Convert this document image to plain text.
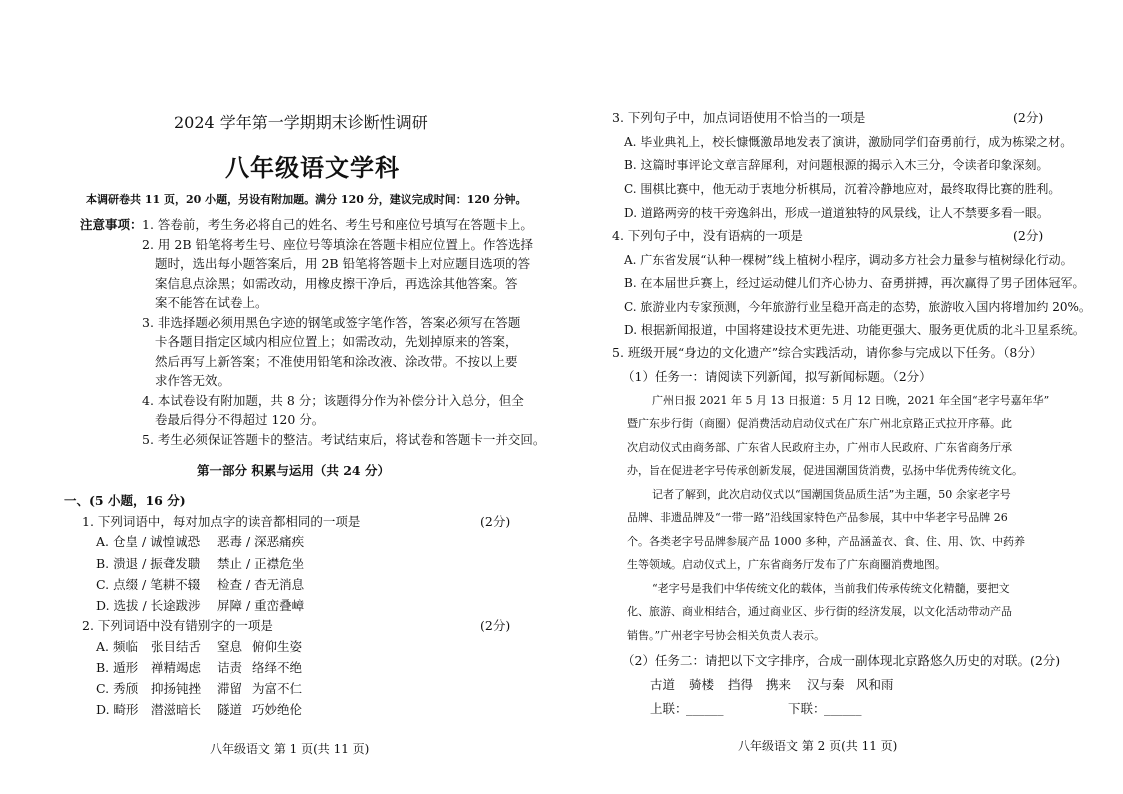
2024 学年第一学期期末诊断性调研
八年级语文学科
本调研卷共 11 页，20 小题，另设有附加题。满分 120 分，建议完成时间：120 分钟。
注意事项： 1. 答卷前，考生务必将自己的姓名、考生号和座位号填写在答题卡上。
2. 用 2B 铅笔将考生号、座位号等填涂在答题卡相应位置上。作答选择
题时，选出每小题答案后，用 2B 铅笔将答题卡上对应题目选项的答
案信息点涂黑；如需改动，用橡皮擦干净后，再选涂其他答案。答
案不能答在试卷上。
3. 非选择题必须用黑色字迹的钢笔或签字笔作答，答案必须写在答题
卡各题目指定区域内相应位置上；如需改动，先划掉原来的答案，
然后再写上新答案；不准使用铅笔和涂改液、涂改带。不按以上要
求作答无效。
4. 本试卷设有附加题，共 8 分；该题得分作为补偿分计入总分，但全
卷最后得分不得超过 120 分。
5. 考生必须保证答题卡的整洁。考试结束后，将试卷和答题卡一并交回。
第一部分 积累与运用（共 24 分）
一、(5 小题，16 分)
1. 下列词语中，每对加点字的读音都相同的一项是	(2分)
A. 仓皇 / 诚惶诚恐 恶毒 / 深恶痛疾
B. 溃退 / 振聋发聩 禁止 / 正襟危坐
C. 点缀 / 笔耕不辍 检查 / 杳无消息
D. 选拔 / 长途跋涉 屏障 / 重峦叠嶂
2. 下列词语中没有错别字的一项是	(2分)
A. 频临 张目结舌 窒息 俯仰生姿
B. 遁形 禅精竭虑 诘责 络绎不绝
C. 秀颀 抑扬钝挫 滞留 为富不仁
D. 畸形 潜滋暗长 隧道 巧妙绝伦
八年级语文 第 1 页(共 11 页)
3. 下列句子中，加点词语使用不恰当的一项是	(2分)
A. 毕业典礼上，校长慷慨激昂地发表了演讲，激励同学们奋勇前行，成为栋梁之材。
B. 这篇时事评论文章言辞犀利，对问题根源的揭示入木三分，令读者印象深刻。
C. 围棋比赛中，他无动于衷地分析棋局，沉着冷静地应对，最终取得比赛的胜利。
D. 道路两旁的枝干旁逸斜出，形成一道道独特的风景线，让人不禁要多看一眼。
4. 下列句子中，没有语病的一项是	(2分)
A. 广东省发展“认种一棵树”线上植树小程序，调动多方社会力量参与植树绿化行动。
B. 在本届世乒赛上，经过运动健儿们齐心协力、奋勇拼搏，再次赢得了男子团体冠军。
C. 旅游业内专家预测，今年旅游行业呈稳开高走的态势，旅游收入国内将增加约 20%。
D. 根据新闻报道，中国将建设技术更先进、功能更强大、服务更优质的北斗卫星系统。
5. 班级开展“身边的文化遗产”综合实践活动，请你参与完成以下任务。（8分）
（1）任务一：请阅读下列新闻，拟写新闻标题。（2分）
广州日报 2021 年 5 月 13 日报道：5 月 12 日晚，2021 年全国“老字号嘉年华”
暨广东步行街（商圈）促消费活动启动仪式在广东广州北京路正式拉开序幕。此
次启动仪式由商务部、广东省人民政府主办，广州市人民政府、广东省商务厅承
办，旨在促进老字号传承创新发展，促进国潮国货消费，弘扬中华优秀传统文化。
记者了解到，此次启动仪式以“国潮国货品质生活”为主题，50 余家老字号
品牌、非遗品牌及“一带一路”沿线国家特色产品参展，其中中华老字号品牌 26
个。各类老字号品牌参展产品 1000 多种，产品涵盖衣、食、住、用、饮、中药养
生等领域。启动仪式上，广东省商务厅发布了广东商圈消费地图。
“老字号是我们中华传统文化的载体，当前我们传承传统文化精髓，要把文
化、旅游、商业相结合，通过商业区、步行街的经济发展，以文化活动带动产品
销售。”广州老字号协会相关负责人表示。
（2）任务二：请把以下文字排序，合成一副体现北京路悠久历史的对联。(2分)
古道 骑楼 挡得 携来 汉与秦 风和雨
上联：
______	下联：
______
八年级语文 第 2 页(共 11 页)
